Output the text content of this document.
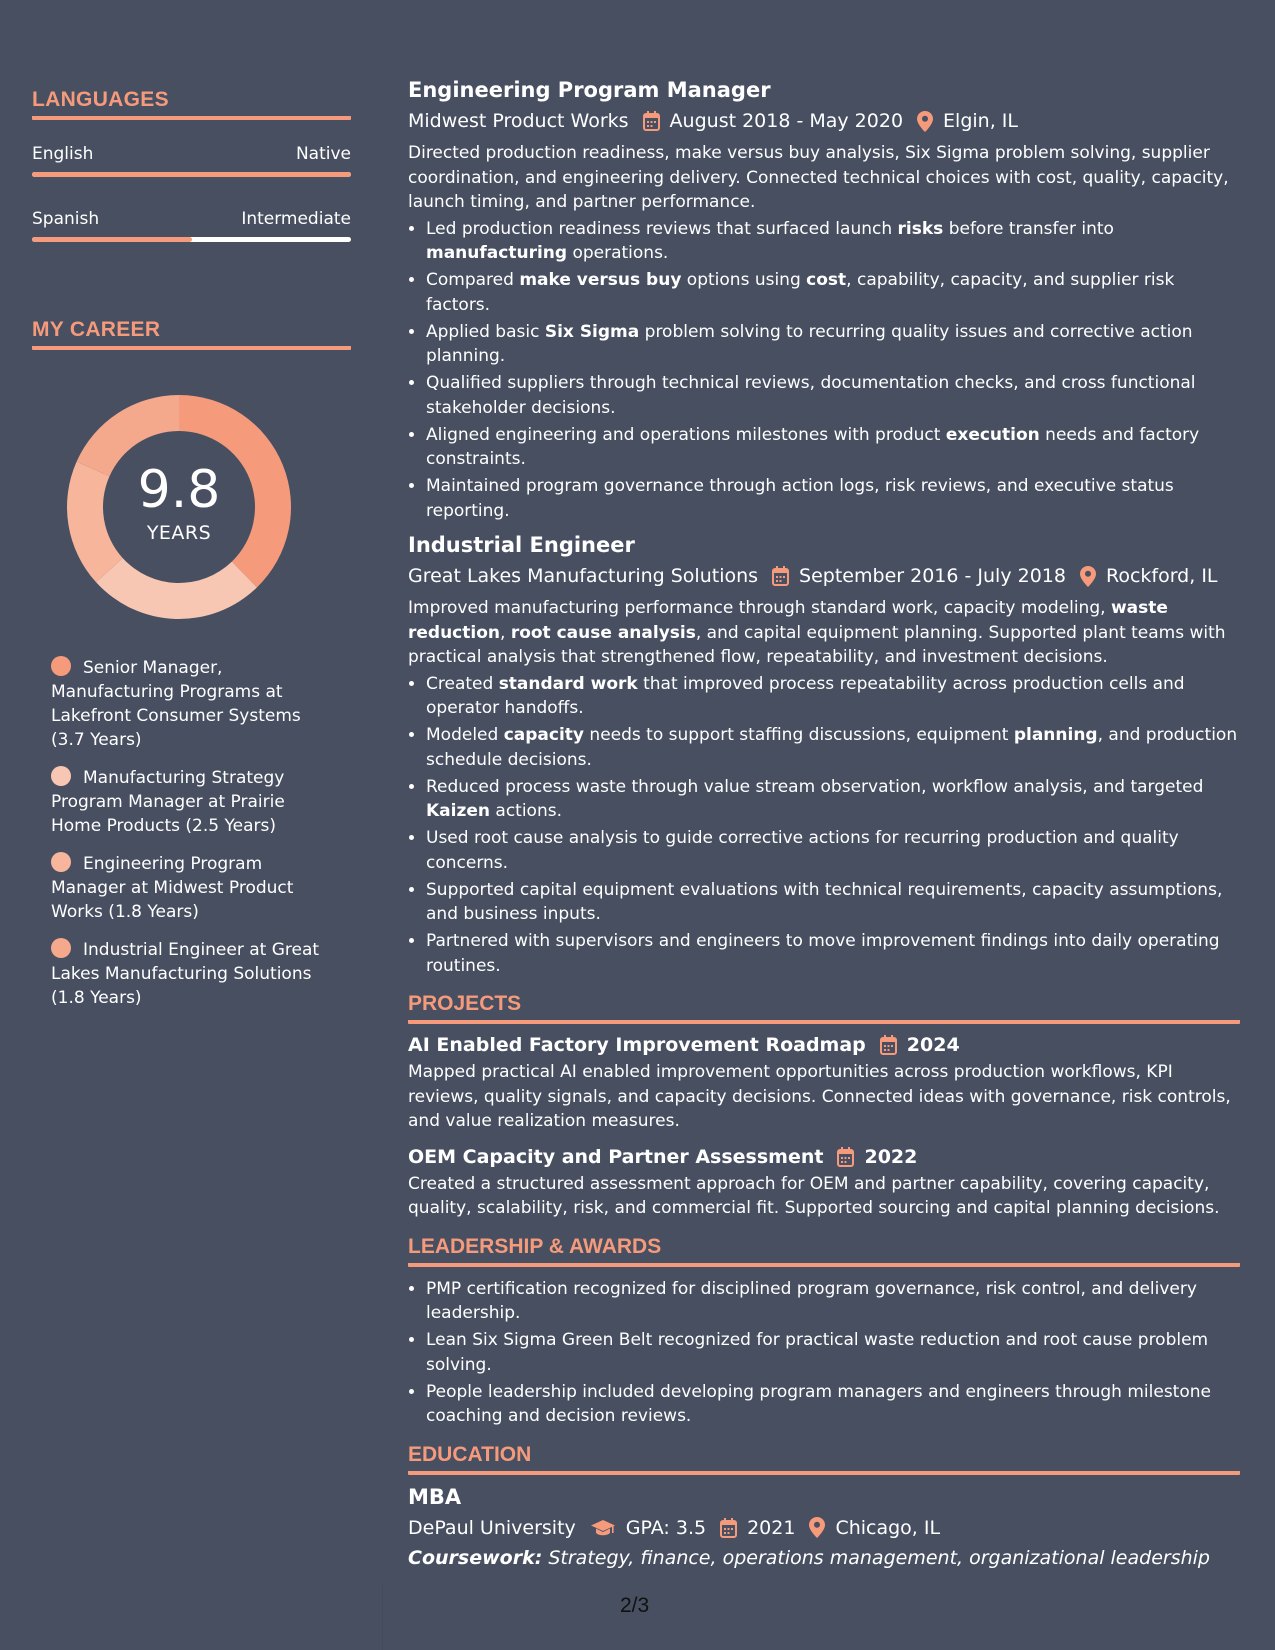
LANGUAGES
English	Native
Spanish	Intermediate
MY CAREER
9.8
YEARS
Senior Manager, Manufacturing Programs at Lakefront Consumer Systems (3.7 Years)
Manufacturing Strategy Program Manager at Prairie Home Products (2.5 Years)
Engineering Program Manager at Midwest Product Works (1.8 Years)
Industrial Engineer at Great Lakes Manufacturing Solutions (1.8 Years)
Engineering Program Manager
Midwest Product Works August 2018 - May 2020 Elgin, IL
Directed production readiness, make versus buy analysis, Six Sigma problem solving, supplier coordination, and engineering delivery. Connected technical choices with cost, quality, capacity, launch timing, and partner performance.
• Led production readiness reviews that surfaced launch risks before transfer into manufacturing operations.
• Compared make versus buy options using cost, capability, capacity, and supplier risk factors.
• Applied basic Six Sigma problem solving to recurring quality issues and corrective action planning.
• Qualified suppliers through technical reviews, documentation checks, and cross functional stakeholder decisions.
• Aligned engineering and operations milestones with product execution needs and factory constraints.
• Maintained program governance through action logs, risk reviews, and executive status reporting.
Industrial Engineer
Great Lakes Manufacturing Solutions September 2016 - July 2018 Rockford, IL
Improved manufacturing performance through standard work, capacity modeling, waste reduction, root cause analysis, and capital equipment planning. Supported plant teams with practical analysis that strengthened flow, repeatability, and investment decisions.
• Created standard work that improved process repeatability across production cells and operator handoffs.
• Modeled capacity needs to support staffing discussions, equipment planning, and production schedule decisions.
• Reduced process waste through value stream observation, workflow analysis, and targeted Kaizen actions.
• Used root cause analysis to guide corrective actions for recurring production and quality concerns.
• Supported capital equipment evaluations with technical requirements, capacity assumptions, and business inputs.
• Partnered with supervisors and engineers to move improvement findings into daily operating routines.
PROJECTS
AI Enabled Factory Improvement Roadmap 2024
Mapped practical AI enabled improvement opportunities across production workflows, KPI reviews, quality signals, and capacity decisions. Connected ideas with governance, risk controls, and value realization measures.
OEM Capacity and Partner Assessment 2022
Created a structured assessment approach for OEM and partner capability, covering capacity, quality, scalability, risk, and commercial fit. Supported sourcing and capital planning decisions.
LEADERSHIP & AWARDS
• PMP certification recognized for disciplined program governance, risk control, and delivery leadership.
• Lean Six Sigma Green Belt recognized for practical waste reduction and root cause problem solving.
• People leadership included developing program managers and engineers through milestone coaching and decision reviews.
EDUCATION
MBA
DePaul University	GPA: 3.5 2021 Chicago, IL
Coursework: Strategy, finance, operations management, organizational leadership
2/3
